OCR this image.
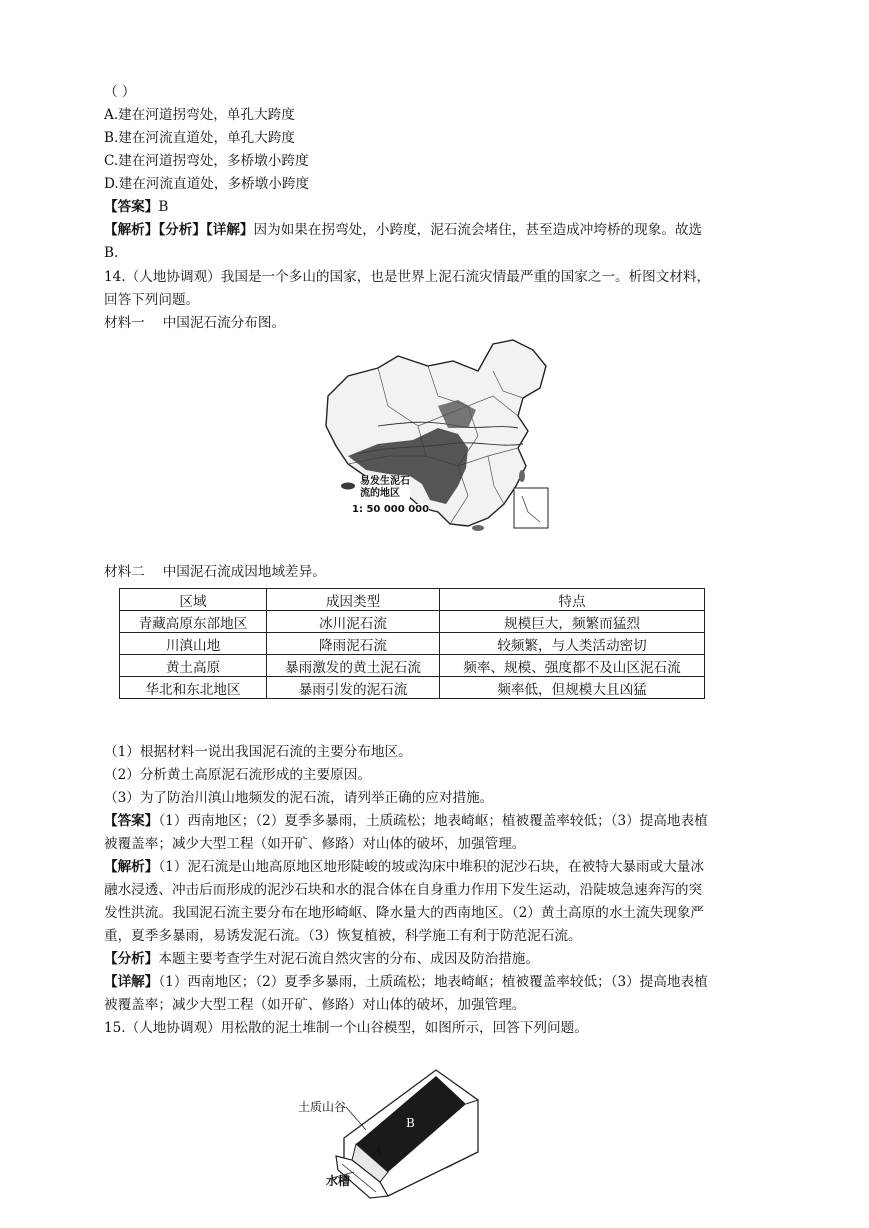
（ ）
A.建在河道拐弯处，单孔大跨度
B.建在河流直道处，单孔大跨度
C.建在河道拐弯处，多桥墩小跨度
D.建在河流直道处，多桥墩小跨度
【答案】B
【解析】【分析】【详解】因为如果在拐弯处，小跨度，泥石流会堵住，甚至造成冲垮桥的现象。故选
B.
14.（人地协调观）我国是一个多山的国家，也是世界上泥石流灾情最严重的国家之一。析图文材料，
回答下列问题。
材料一　 中国泥石流分布图。
易发生泥石
流的地区
1: 50 000 000
材料二　 中国泥石流成因地域差异。
区域	成因类型	特点
青藏高原东部地区	冰川泥石流	规模巨大，频繁而猛烈
川滇山地	降雨泥石流	较频繁，与人类活动密切
黄土高原	暴雨激发的黄土泥石流	频率、规模、强度都不及山区泥石流
华北和东北地区	暴雨引发的泥石流	频率低，但规模大且凶猛
（1）根据材料一说出我国泥石流的主要分布地区。
（2）分析黄土高原泥石流形成的主要原因。
（3）为了防治川滇山地频发的泥石流，请列举正确的应对措施。
【答案】（1）西南地区；（2）夏季多暴雨，土质疏松；地表崎岖；植被覆盖率较低；（3）提高地表植
被覆盖率；减少大型工程（如开矿、修路）对山体的破坏，加强管理。
【解析】（1）泥石流是山地高原地区地形陡峻的坡或沟床中堆积的泥沙石块，在被特大暴雨或大量冰
融水浸透、冲击后而形成的泥沙石块和水的混合体在自身重力作用下发生运动，沿陡坡急速奔泻的突
发性洪流。我国泥石流主要分布在地形崎岖、降水量大的西南地区。（2）黄土高原的水土流失现象严
重，夏季多暴雨，易诱发泥石流。（3）恢复植被，科学施工有利于防范泥石流。
【分析】本题主要考查学生对泥石流自然灾害的分布、成因及防治措施。
【详解】（1）西南地区；（2）夏季多暴雨，土质疏松；地表崎岖；植被覆盖率较低；（3）提高地表植
被覆盖率；减少大型工程（如开矿、修路）对山体的破坏，加强管理。
15.（人地协调观）用松散的泥土堆制一个山谷模型，如图所示，回答下列问题。
土质山谷
B
A
水槽
